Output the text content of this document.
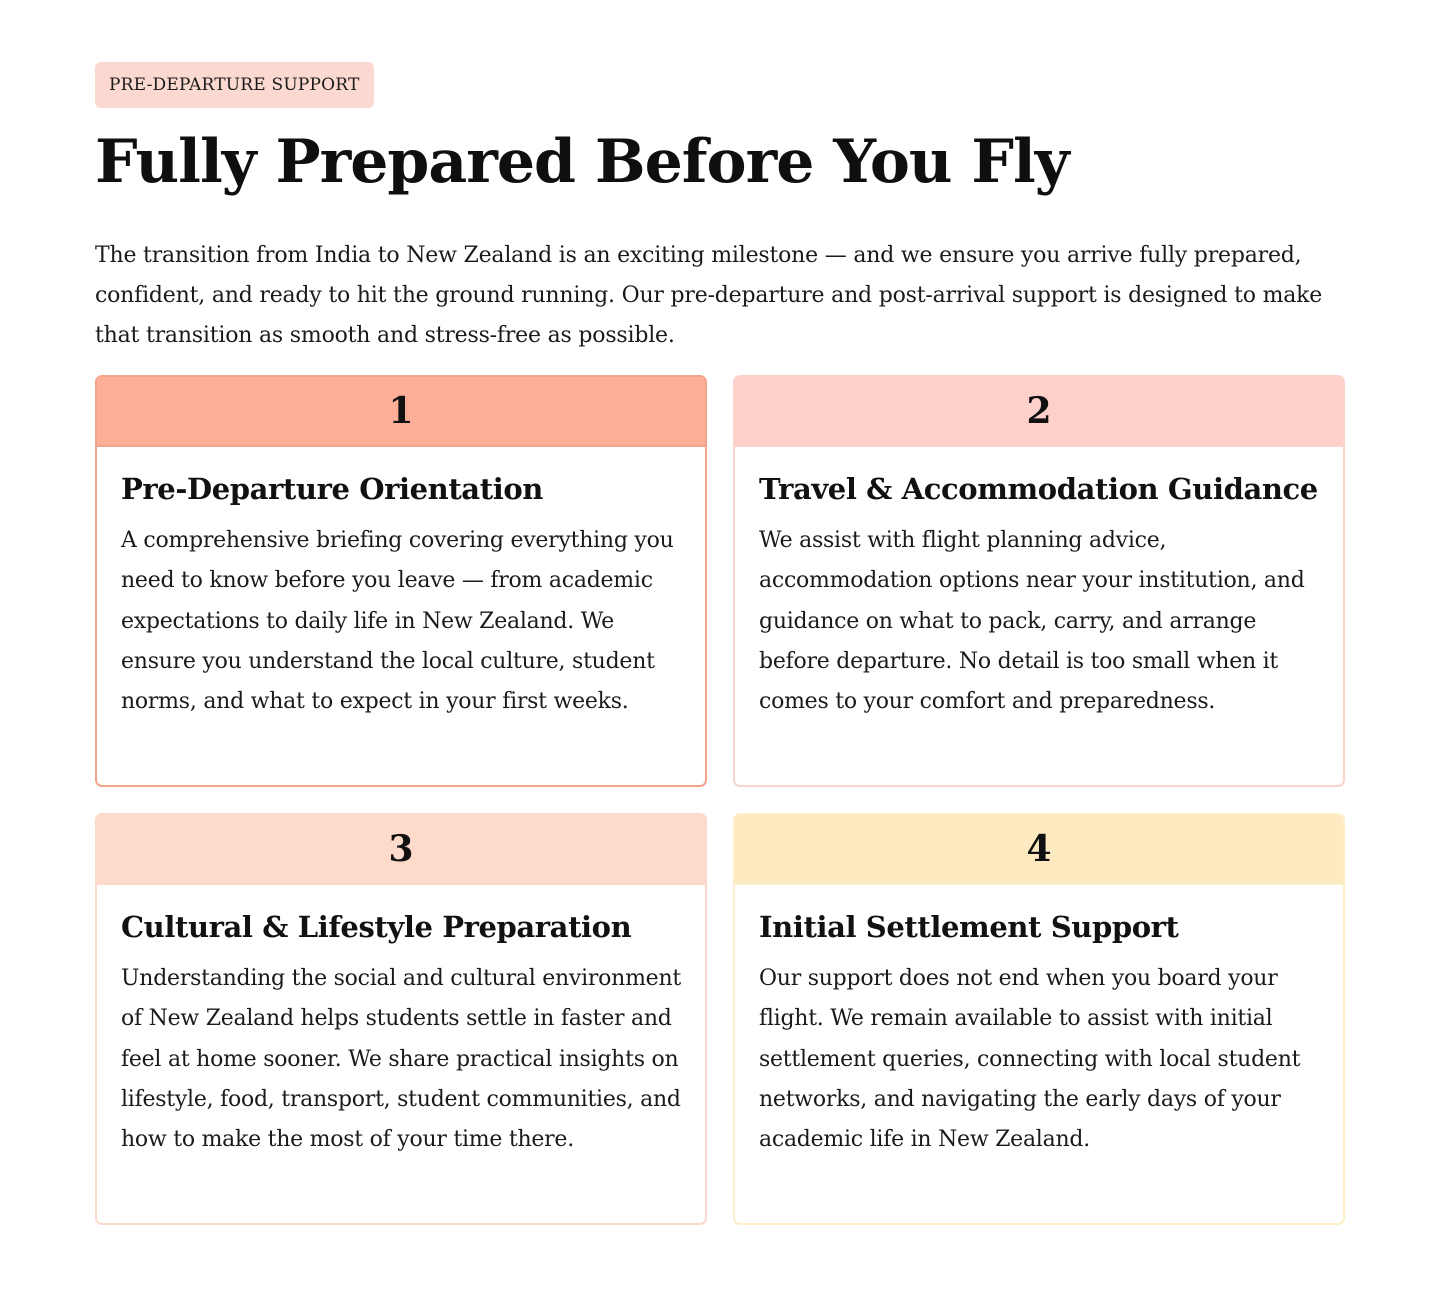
PRE-DEPARTURE SUPPORT
Fully Prepared Before You Fly

The transition from India to New Zealand is an exciting milestone — and we ensure you arrive fully prepared, confident, and ready to hit the ground running. Our pre-departure and post-arrival support is designed to make that transition as smooth and stress-free as possible.

1
Pre-Departure Orientation

A comprehensive briefing covering everything you need to know before you leave — from academic expectations to daily life in New Zealand. We ensure you understand the local culture, student norms, and what to expect in your first weeks.

2
Travel & Accommodation Guidance

We assist with flight planning advice, accommodation options near your institution, and guidance on what to pack, carry, and arrange before departure. No detail is too small when it comes to your comfort and preparedness.

3
Cultural & Lifestyle Preparation

Understanding the social and cultural environment of New Zealand helps students settle in faster and feel at home sooner. We share practical insights on lifestyle, food, transport, student communities, and how to make the most of your time there.

4
Initial Settlement Support

Our support does not end when you board your flight. We remain available to assist with initial settlement queries, connecting with local student networks, and navigating the early days of your academic life in New Zealand.
